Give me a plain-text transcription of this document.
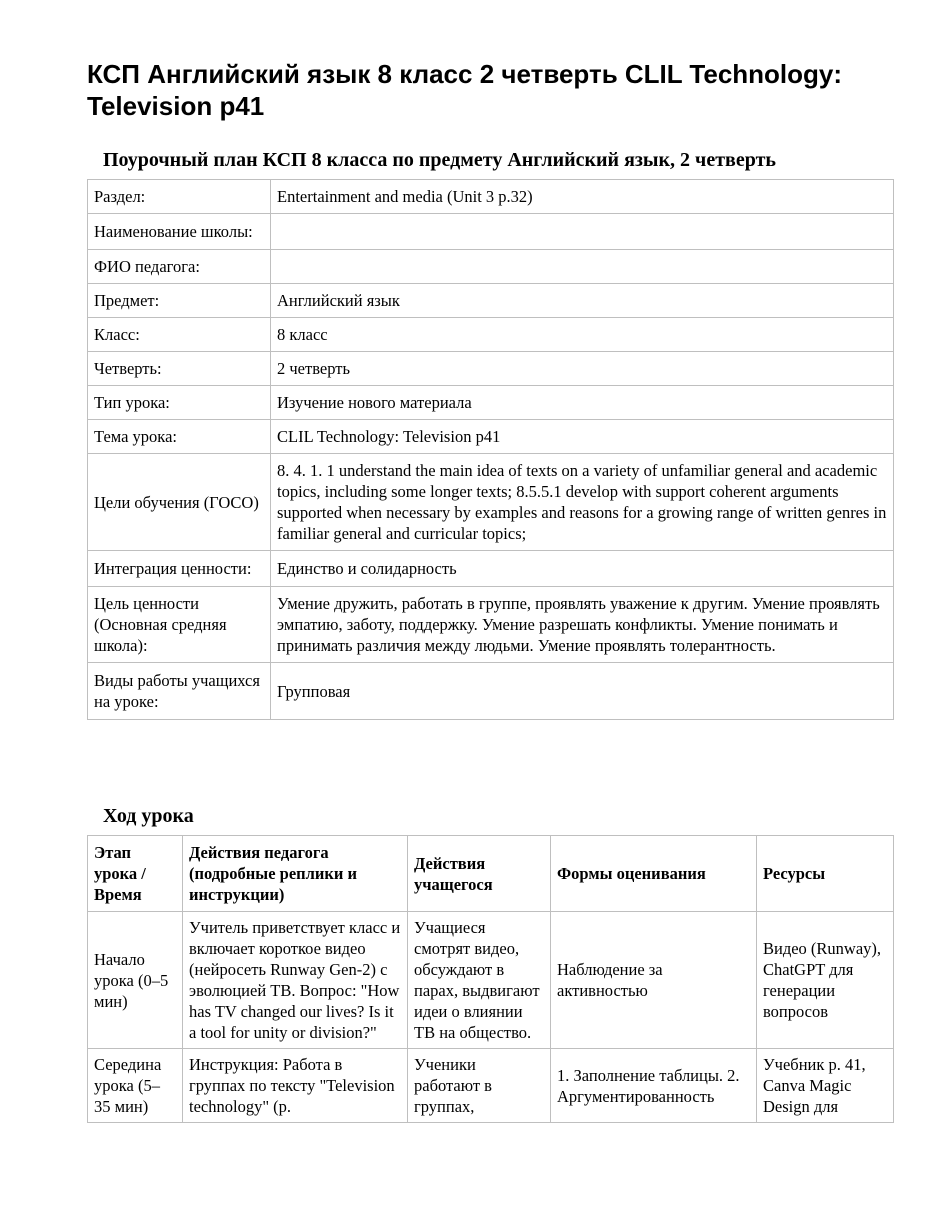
КСП Английский язык 8 класс 2 четверть CLIL Technology: Television p41
Поурочный план КСП 8 класса по предмету Английский язык, 2 четверть
Раздел:	Entertainment and media (Unit 3 p.32)
Наименование школы:	
ФИО педагога:	
Предмет:	Английский язык
Класс:	8 класс
Четверть:	2 четверть
Тип урока:	Изучение нового материала
Тема урока:	CLIL Technology: Television p41
Цели обучения (ГОСО)	8. 4. 1. 1 understand the main idea of texts on a variety of unfamiliar general and academic topics, including some longer texts; 8.5.5.1 develop with support coherent arguments supported when necessary by examples and reasons for a growing range of written genres in familiar general and curricular topics;
Интеграция ценности:	Единство и солидарность
Цель ценности (Основная средняя школа):	Умение дружить, работать в группе, проявлять уважение к другим. Умение проявлять эмпатию, заботу, поддержку. Умение разрешать конфликты. Умение понимать и принимать различия между людьми. Умение проявлять толерантность.
Виды работы учащихся на уроке:	Групповая
Ход урока
Этап урока / Время	Действия педагога (подробные реплики и инструкции)	Действия учащегося	Формы оценивания	Ресурсы
Начало урока (0–5 мин)	Учитель приветствует класс и включает короткое видео (нейросеть Runway Gen-2) с эволюцией ТВ. Вопрос: "How has TV changed our lives? Is it a tool for unity or division?"	Учащиеся смотрят видео, обсуждают в парах, выдвигают идеи о влиянии ТВ на общество.	Наблюдение за активностью	Видео (Runway), ChatGPT для генерации вопросов
Середина урока (5–35 мин)	Инструкция: Работа в группах по тексту "Television technology" (p.	Ученики работают в группах,	1. Заполнение таблицы. 2. Аргументированность	Учебник p. 41, Canva Magic Design для
